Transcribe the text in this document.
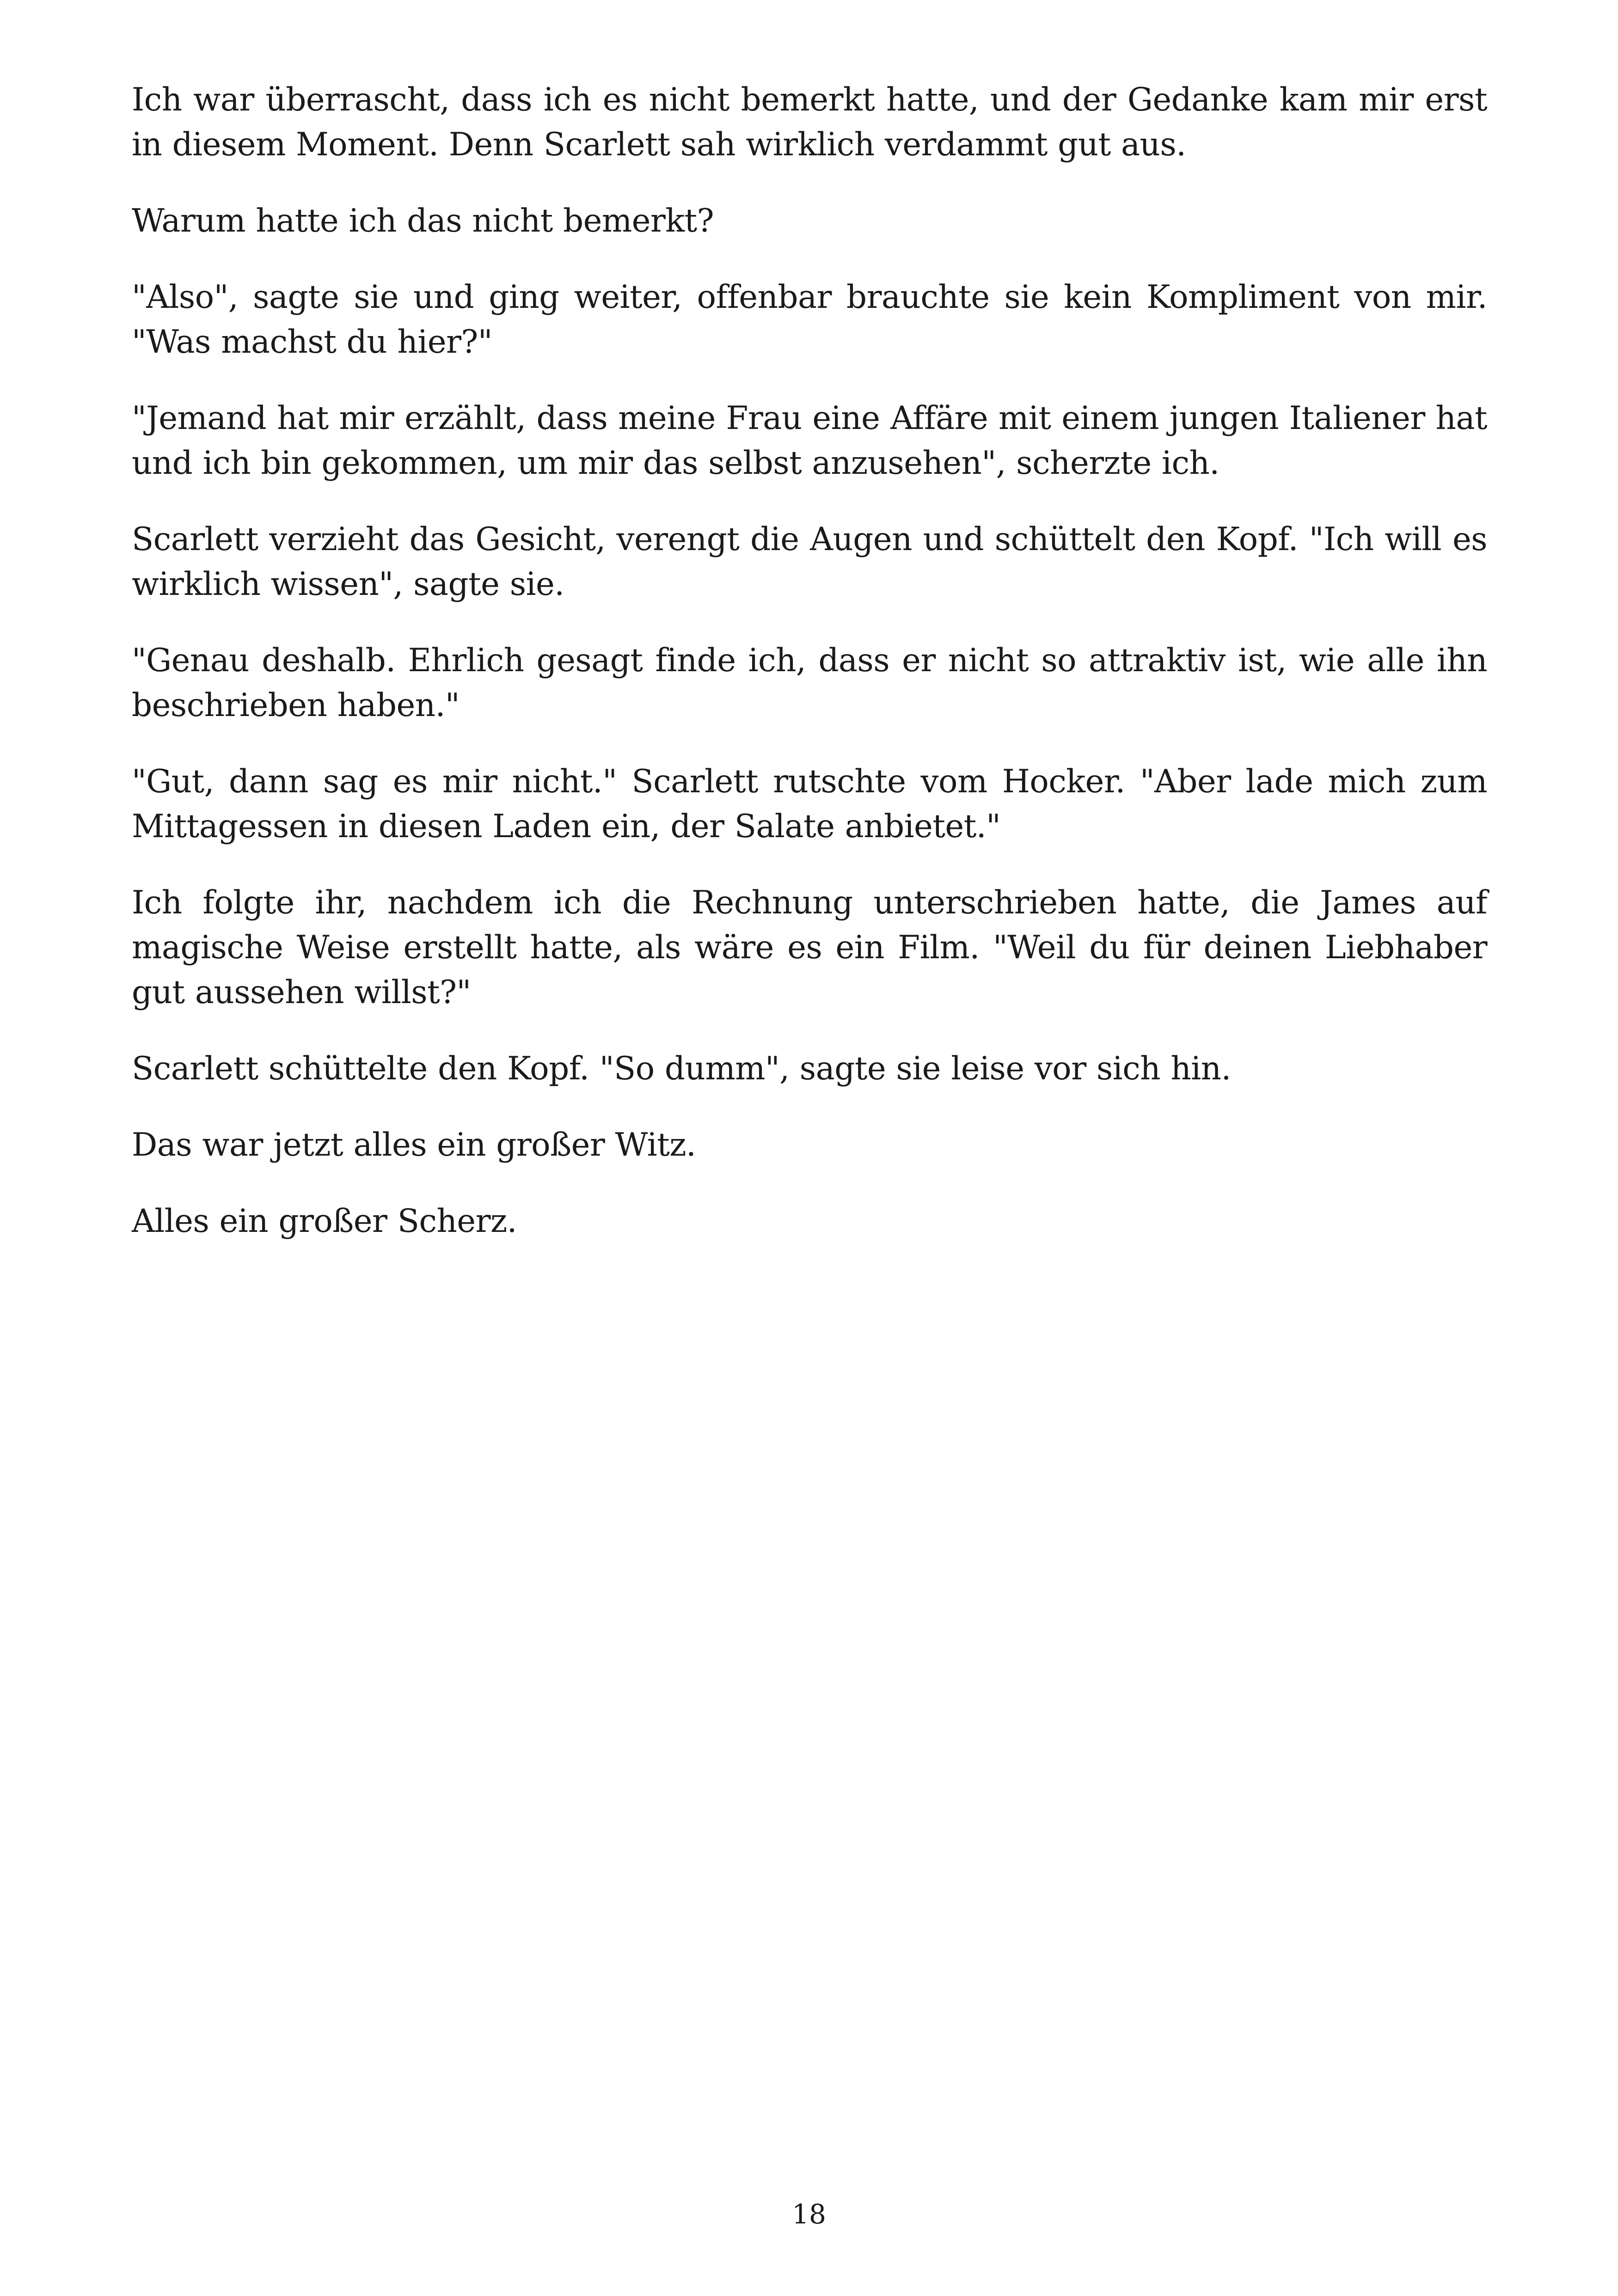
Ich war überrascht, dass ich es nicht bemerkt hatte, und der Gedanke kam mir erst in diesem Moment. Denn Scarlett sah wirklich verdammt gut aus.

Warum hatte ich das nicht bemerkt?

"Also", sagte sie und ging weiter, offenbar brauchte sie kein Kompliment von mir. "Was machst du hier?"

"Jemand hat mir erzählt, dass meine Frau eine Affäre mit einem jungen Italiener hat und ich bin gekommen, um mir das selbst anzusehen", scherzte ich.

Scarlett verzieht das Gesicht, verengt die Augen und schüttelt den Kopf. "Ich will es wirklich wissen", sagte sie.

"Genau deshalb. Ehrlich gesagt finde ich, dass er nicht so attraktiv ist, wie alle ihn beschrieben haben."

"Gut, dann sag es mir nicht." Scarlett rutschte vom Hocker. "Aber lade mich zum Mittagessen in diesen Laden ein, der Salate anbietet."

Ich folgte ihr, nachdem ich die Rechnung unterschrieben hatte, die James auf magische Weise erstellt hatte, als wäre es ein Film. "Weil du für deinen Liebhaber gut aussehen willst?"

Scarlett schüttelte den Kopf. "So dumm", sagte sie leise vor sich hin.

Das war jetzt alles ein großer Witz.

Alles ein großer Scherz.

18
